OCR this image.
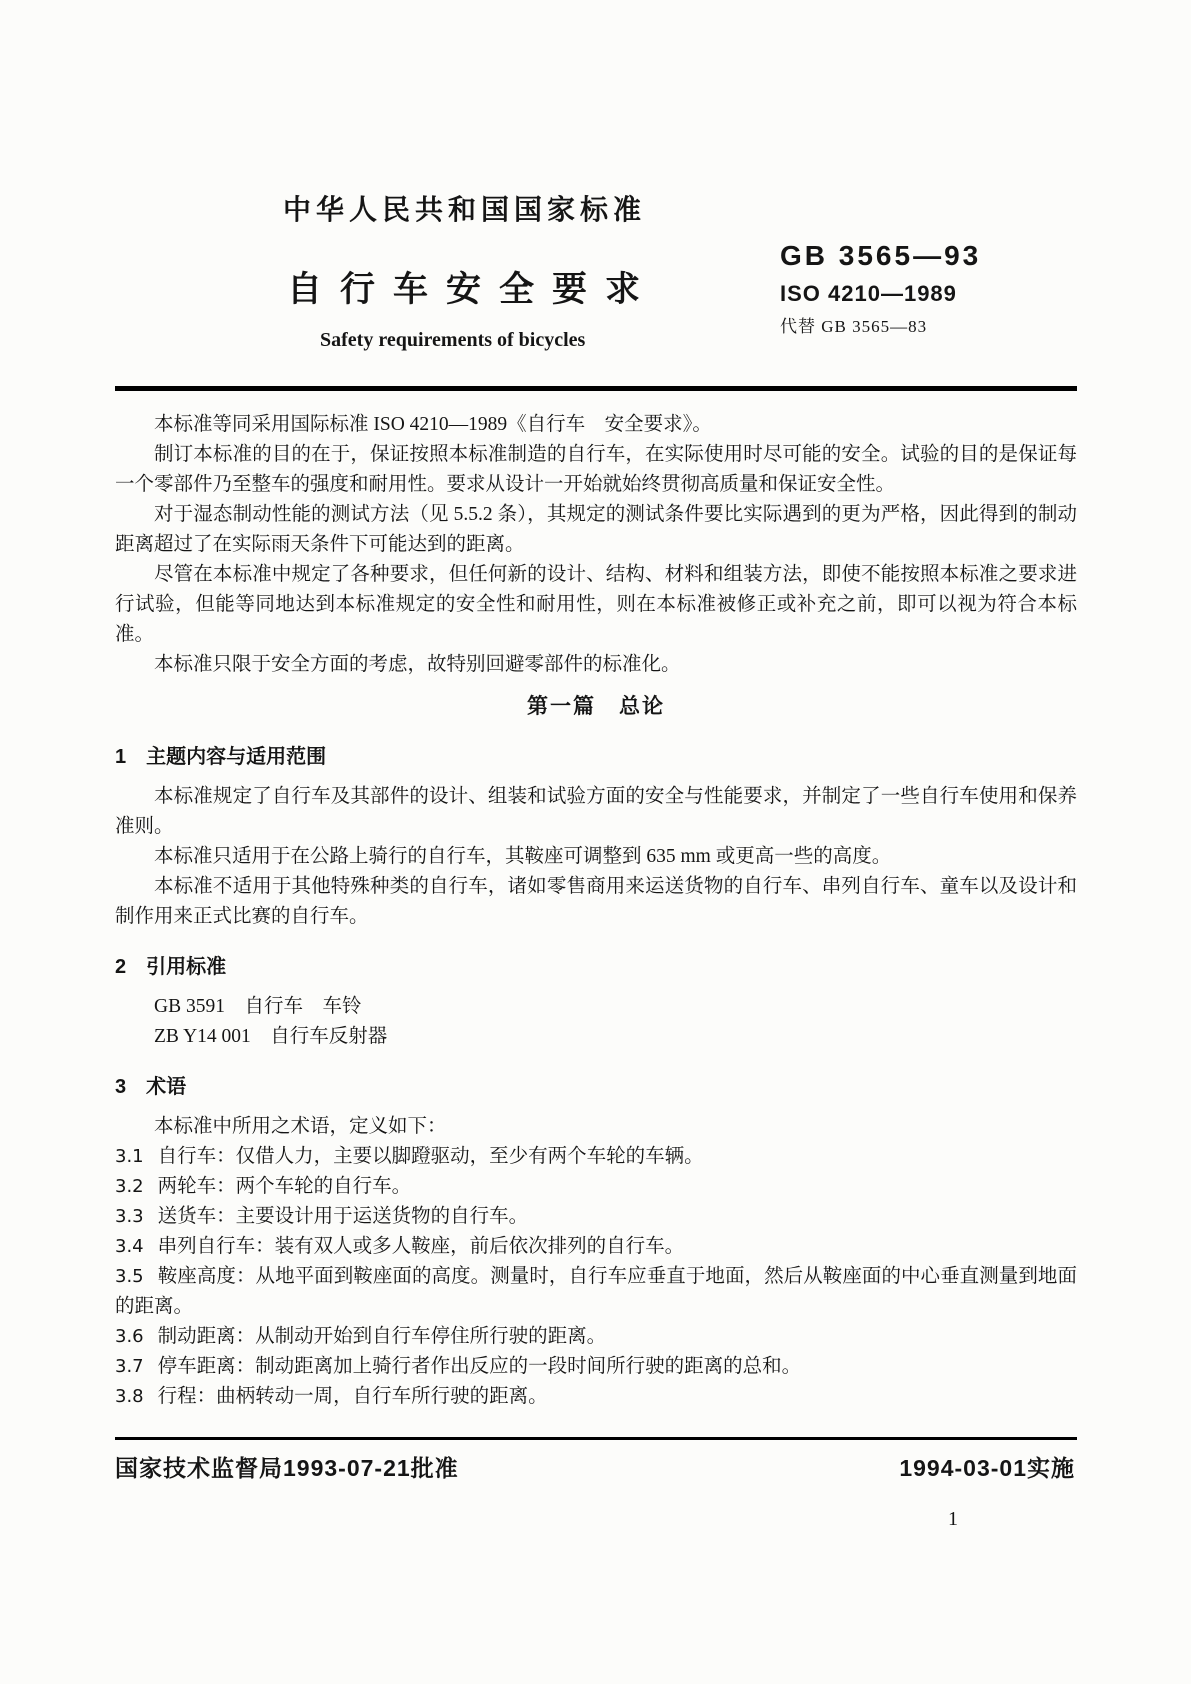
中华人民共和国国家标准
自行车安全要求
Safety requirements of bicycles
GB 3565—93
ISO 4210—1989
代替 GB 3565—83

本标准等同采用国际标准 ISO 4210—1989《自行车　安全要求》。

制订本标准的目的在于，保证按照本标准制造的自行车，在实际使用时尽可能的安全。试验的目的是保证每一个零部件乃至整车的强度和耐用性。要求从设计一开始就始终贯彻高质量和保证安全性。

对于湿态制动性能的测试方法（见 5.5.2 条），其规定的测试条件要比实际遇到的更为严格，因此得到的制动距离超过了在实际雨天条件下可能达到的距离。

尽管在本标准中规定了各种要求，但任何新的设计、结构、材料和组装方法，即使不能按照本标准之要求进行试验，但能等同地达到本标准规定的安全性和耐用性，则在本标准被修正或补充之前，即可以视为符合本标准。

本标准只限于安全方面的考虑，故特别回避零部件的标准化。

第一篇　总论
1　主题内容与适用范围

本标准规定了自行车及其部件的设计、组装和试验方面的安全与性能要求，并制定了一些自行车使用和保养准则。

本标准只适用于在公路上骑行的自行车，其鞍座可调整到 635 mm 或更高一些的高度。

本标准不适用于其他特殊种类的自行车，诸如零售商用来运送货物的自行车、串列自行车、童车以及设计和制作用来正式比赛的自行车。

2　引用标准

GB 3591　自行车　车铃

ZB Y14 001　自行车反射器

3　术语

本标准中所用之术语，定义如下：

3.1 自行车：仅借人力，主要以脚蹬驱动，至少有两个车轮的车辆。

3.2 两轮车：两个车轮的自行车。

3.3 送货车：主要设计用于运送货物的自行车。

3.4 串列自行车：装有双人或多人鞍座，前后依次排列的自行车。

3.5 鞍座高度：从地平面到鞍座面的高度。测量时，自行车应垂直于地面，然后从鞍座面的中心垂直测量到地面的距离。

3.6 制动距离：从制动开始到自行车停住所行驶的距离。

3.7 停车距离：制动距离加上骑行者作出反应的一段时间所行驶的距离的总和。

3.8 行程：曲柄转动一周，自行车所行驶的距离。

国家技术监督局1993-07-21批准	1994-03-01实施
1
